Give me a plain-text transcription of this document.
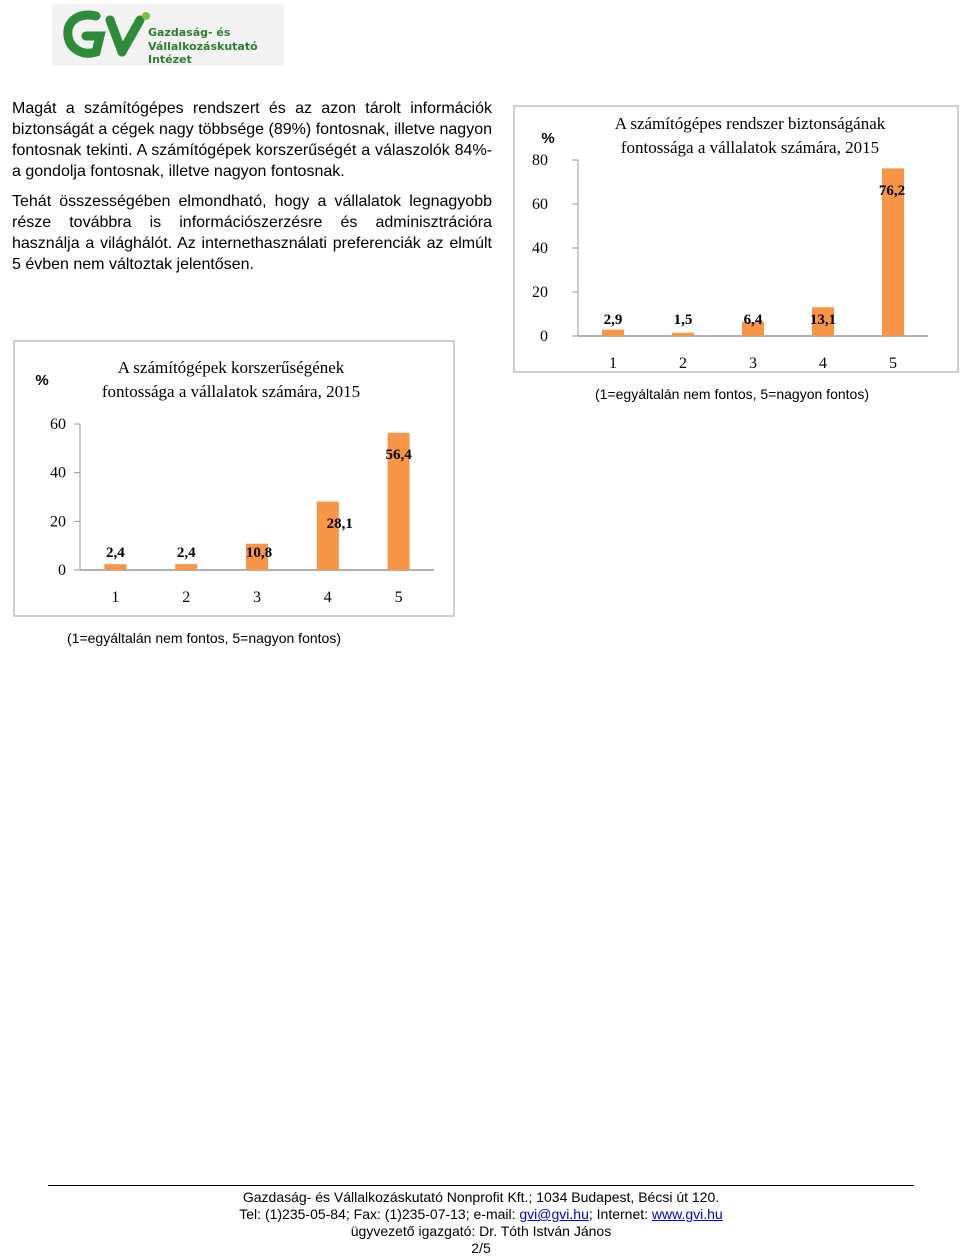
Gazdaság- és
Vállalkozáskutató Intézet

Magát a számítógépes rendszert és az azon tárolt információk biztonságát a cégek nagy többsége (89%) fontosnak, illetve nagyon fontosnak tekinti. A számítógépek korszerűségét a válaszolók 84%-a gondolja fontosnak, illetve nagyon fontosnak.

Tehát összességében elmondható, hogy a vállalatok legnagyobb része továbbra is információszerzésre és adminisztrációra használja a világhálót. Az internethasználati preferenciák az elmúlt 5 évben nem változtak jelentősen.

A számítógépes rendszer biztonságának
fontossága a vállalatok számára, 2015
%
0
20
40
60
80
2,9
1
1,5
2
6,4
3
13,1
4
76,2
5
(1=egyáltalán nem fontos, 5=nagyon fontos)
A számítógépek korszerűségének
fontossága a vállalatok számára, 2015
%
0
20
40
60
2,4
1
2,4
2
10,8
3
28,1
4
56,4
5
(1=egyáltalán nem fontos, 5=nagyon fontos)
Gazdaság- és Vállalkozáskutató Nonprofit Kft.; 1034 Budapest, Bécsi út 120.
Tel: (1)235-05-84; Fax: (1)235-07-13; e-mail: gvi@gvi.hu; Internet: www.gvi.hu
ügyvezető igazgató: Dr. Tóth István János
2/5
